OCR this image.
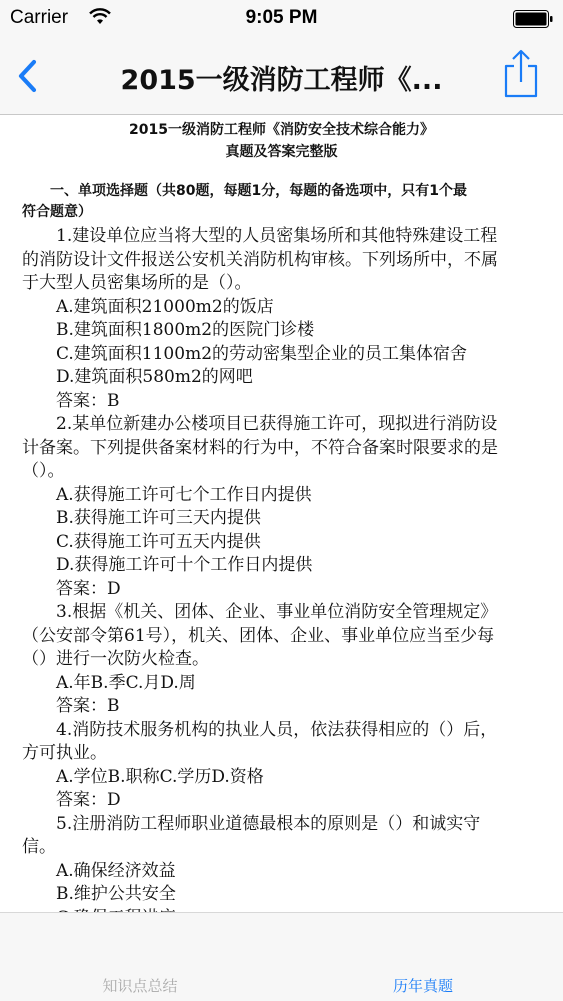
Carrier	9:05 PM
2015一级消防工程师《...
2015一级消防工程师《消防安全技术综合能力》
真题及答案完整版
一、单项选择题（共80题，每题1分，每题的备选项中，只有1个最
符合题意）

1.建设单位应当将大型的人员密集场所和其他特殊建设工程

的消防设计文件报送公安机关消防机构审核。下列场所中，不属

于大型人员密集场所的是（）。

A.建筑面积21000m2的饭店

B.建筑面积1800m2的医院门诊楼

C.建筑面积1100m2的劳动密集型企业的员工集体宿舍

D.建筑面积580m2的网吧

答案：B

2.某单位新建办公楼项目已获得施工许可，现拟进行消防设

计备案。下列提供备案材料的行为中，不符合备案时限要求的是

（）。

A.获得施工许可七个工作日内提供

B.获得施工许可三天内提供

C.获得施工许可五天内提供

D.获得施工许可十个工作日内提供

答案：D

3.根据《机关、团体、企业、事业单位消防安全管理规定》

（公安部令第61号），机关、团体、企业、事业单位应当至少每

（）进行一次防火检查。

A.年B.季C.月D.周

答案：B

4.消防技术服务机构的执业人员，依法获得相应的（）后，

方可执业。

A.学位B.职称C.学历D.资格

答案：D

5.注册消防工程师职业道德最根本的原则是（）和诚实守

信。

A.确保经济效益

B.维护公共安全

知识点总结	历年真题
